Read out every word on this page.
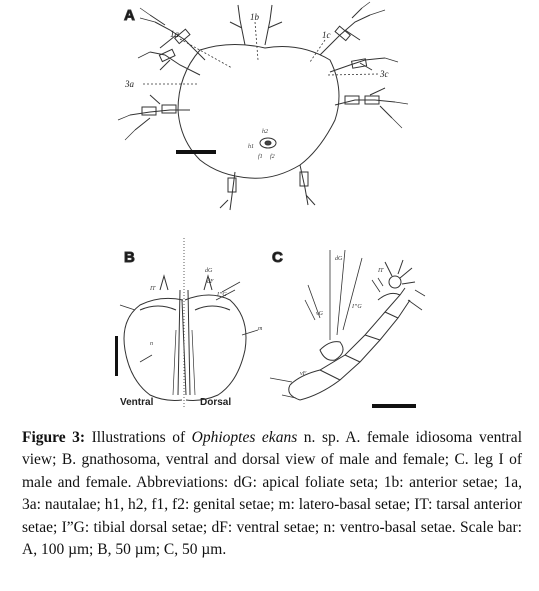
A
1a
1b
1c
3a
3c
h2
h1
f1 f2
B
IT
dG
dF
I”G
m
n
Ventral	Dorsal
C	dG
vG
vF
I”G
IT
Figure 3: Illustrations of Ophioptes ekans n. sp. A. female idiosoma ventral view; B. gnathosoma, ventral and dorsal view of male and female; C. leg I of male and female. Abbreviations: dG: apical foliate seta; 1b: anterior setae; 1a, 3a: nautalae; h1, h2, f1, f2: genital setae; m: latero-basal setae; IT: tarsal anterior setae; I”G: tibial dorsal setae; dF: ventral setae; n: ventro-basal setae. Scale bar: A, 100 µm; B, 50 µm; C, 50 µm.
